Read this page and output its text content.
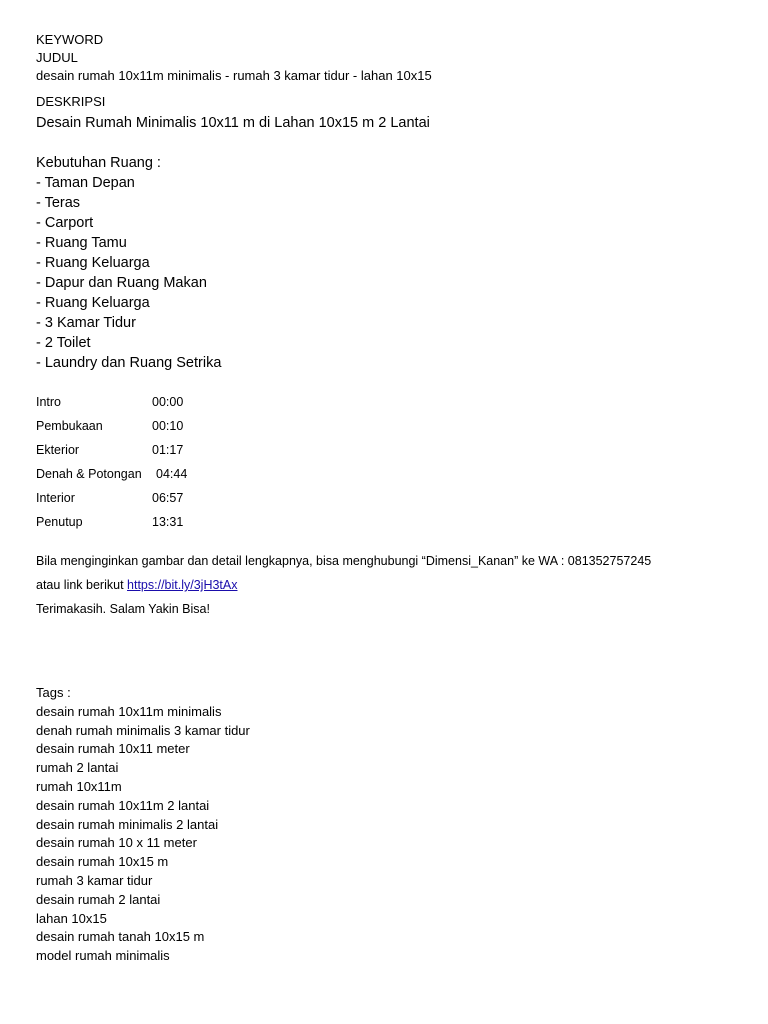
KEYWORD
JUDUL
desain rumah 10x11m minimalis - rumah 3 kamar tidur - lahan 10x15
DESKRIPSI
Desain Rumah Minimalis 10x11 m di Lahan 10x15 m 2 Lantai
Kebutuhan Ruang :
- Taman Depan
- Teras
- Carport
- Ruang Tamu
- Ruang Keluarga
- Dapur dan Ruang Makan
- Ruang Keluarga
- 3 Kamar Tidur
- 2 Toilet
- Laundry dan Ruang Setrika
Intro	00:00
Pembukaan	00:10
Ekterior	01:17
Denah & Potongan	04:44
Interior	06:57
Penutup	13:31
Bila menginginkan gambar dan detail lengkapnya, bisa menghubungi “Dimensi_Kanan” ke WA : 081352757245
atau link berikut https://bit.ly/3jH3tAx
Terimakasih. Salam Yakin Bisa!
Tags :
desain rumah 10x11m minimalis
denah rumah minimalis 3 kamar tidur
desain rumah 10x11 meter
rumah 2 lantai
rumah 10x11m
desain rumah 10x11m 2 lantai
desain rumah minimalis 2 lantai
desain rumah 10 x 11 meter
desain rumah 10x15 m
rumah 3 kamar tidur
desain rumah 2 lantai
lahan 10x15
desain rumah tanah 10x15 m
model rumah minimalis
